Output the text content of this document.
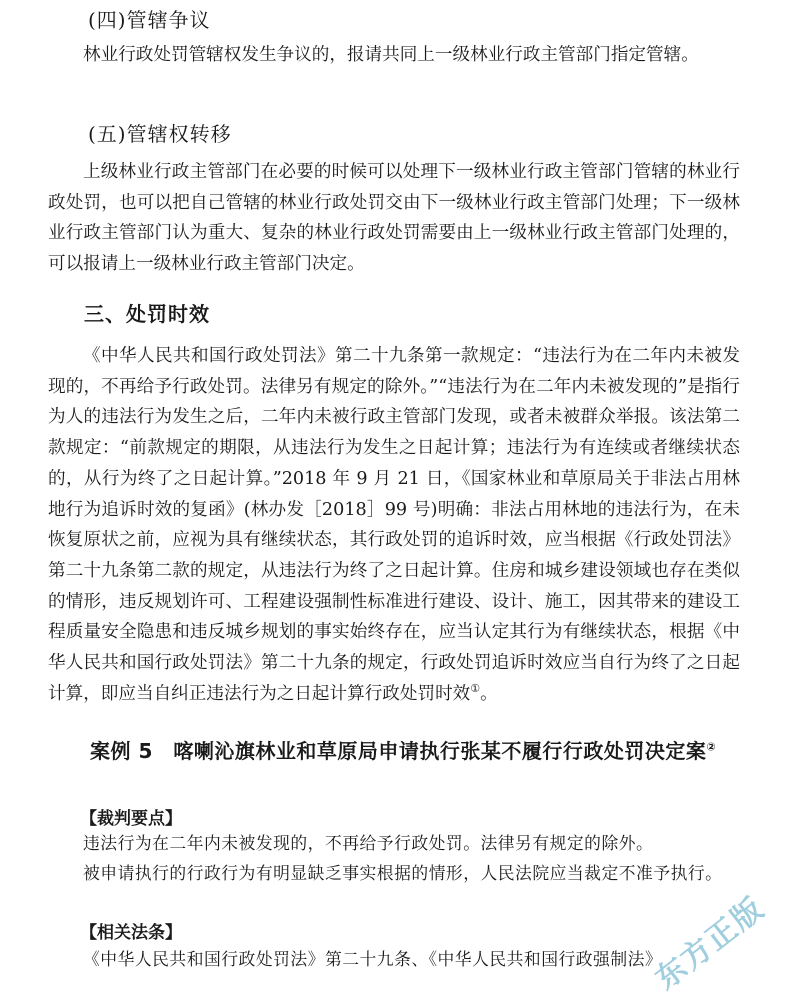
(四)管辖争议
林业行政处罚管辖权发生争议的，报请共同上一级林业行政主管部门指定管辖。
(五)管辖权转移
上级林业行政主管部门在必要的时候可以处理下一级林业行政主管部门管辖的林业行政处罚，也可以把自己管辖的林业行政处罚交由下一级林业行政主管部门处理；下一级林业行政主管部门认为重大、复杂的林业行政处罚需要由上一级林业行政主管部门处理的，可以报请上一级林业行政主管部门决定。
三、处罚时效
《中华人民共和国行政处罚法》第二十九条第一款规定：“违法行为在二年内未被发现的，不再给予行政处罚。法律另有规定的除外。”“违法行为在二年内未被发现的”是指行为人的违法行为发生之后，二年内未被行政主管部门发现，或者未被群众举报。该法第二款规定：“前款规定的期限，从违法行为发生之日起计算；违法行为有连续或者继续状态的，从行为终了之日起计算。”2018 年 9 月 21 日，《国家林业和草原局关于非法占用林地行为追诉时效的复函》(林办发［2018］99 号)明确：非法占用林地的违法行为，在未恢复原状之前，应视为具有继续状态，其行政处罚的追诉时效，应当根据《行政处罚法》第二十九条第二款的规定，从违法行为终了之日起计算。住房和城乡建设领域也存在类似的情形，违反规划许可、工程建设强制性标准进行建设、设计、施工，因其带来的建设工程质量安全隐患和违反城乡规划的事实始终存在，应当认定其行为有继续状态，根据《中华人民共和国行政处罚法》第二十九条的规定，行政处罚追诉时效应当自行为终了之日起计算，即应当自纠正违法行为之日起计算行政处罚时效①。
案例 5　喀喇沁旗林业和草原局申请执行张某不履行行政处罚决定案②
【裁判要点】
违法行为在二年内未被发现的，不再给予行政处罚。法律另有规定的除外。
被申请执行的行政行为有明显缺乏事实根据的情形，人民法院应当裁定不准予执行。
【相关法条】
《中华人民共和国行政处罚法》第二十九条、《中华人民共和国行政强制法》
东方正版
